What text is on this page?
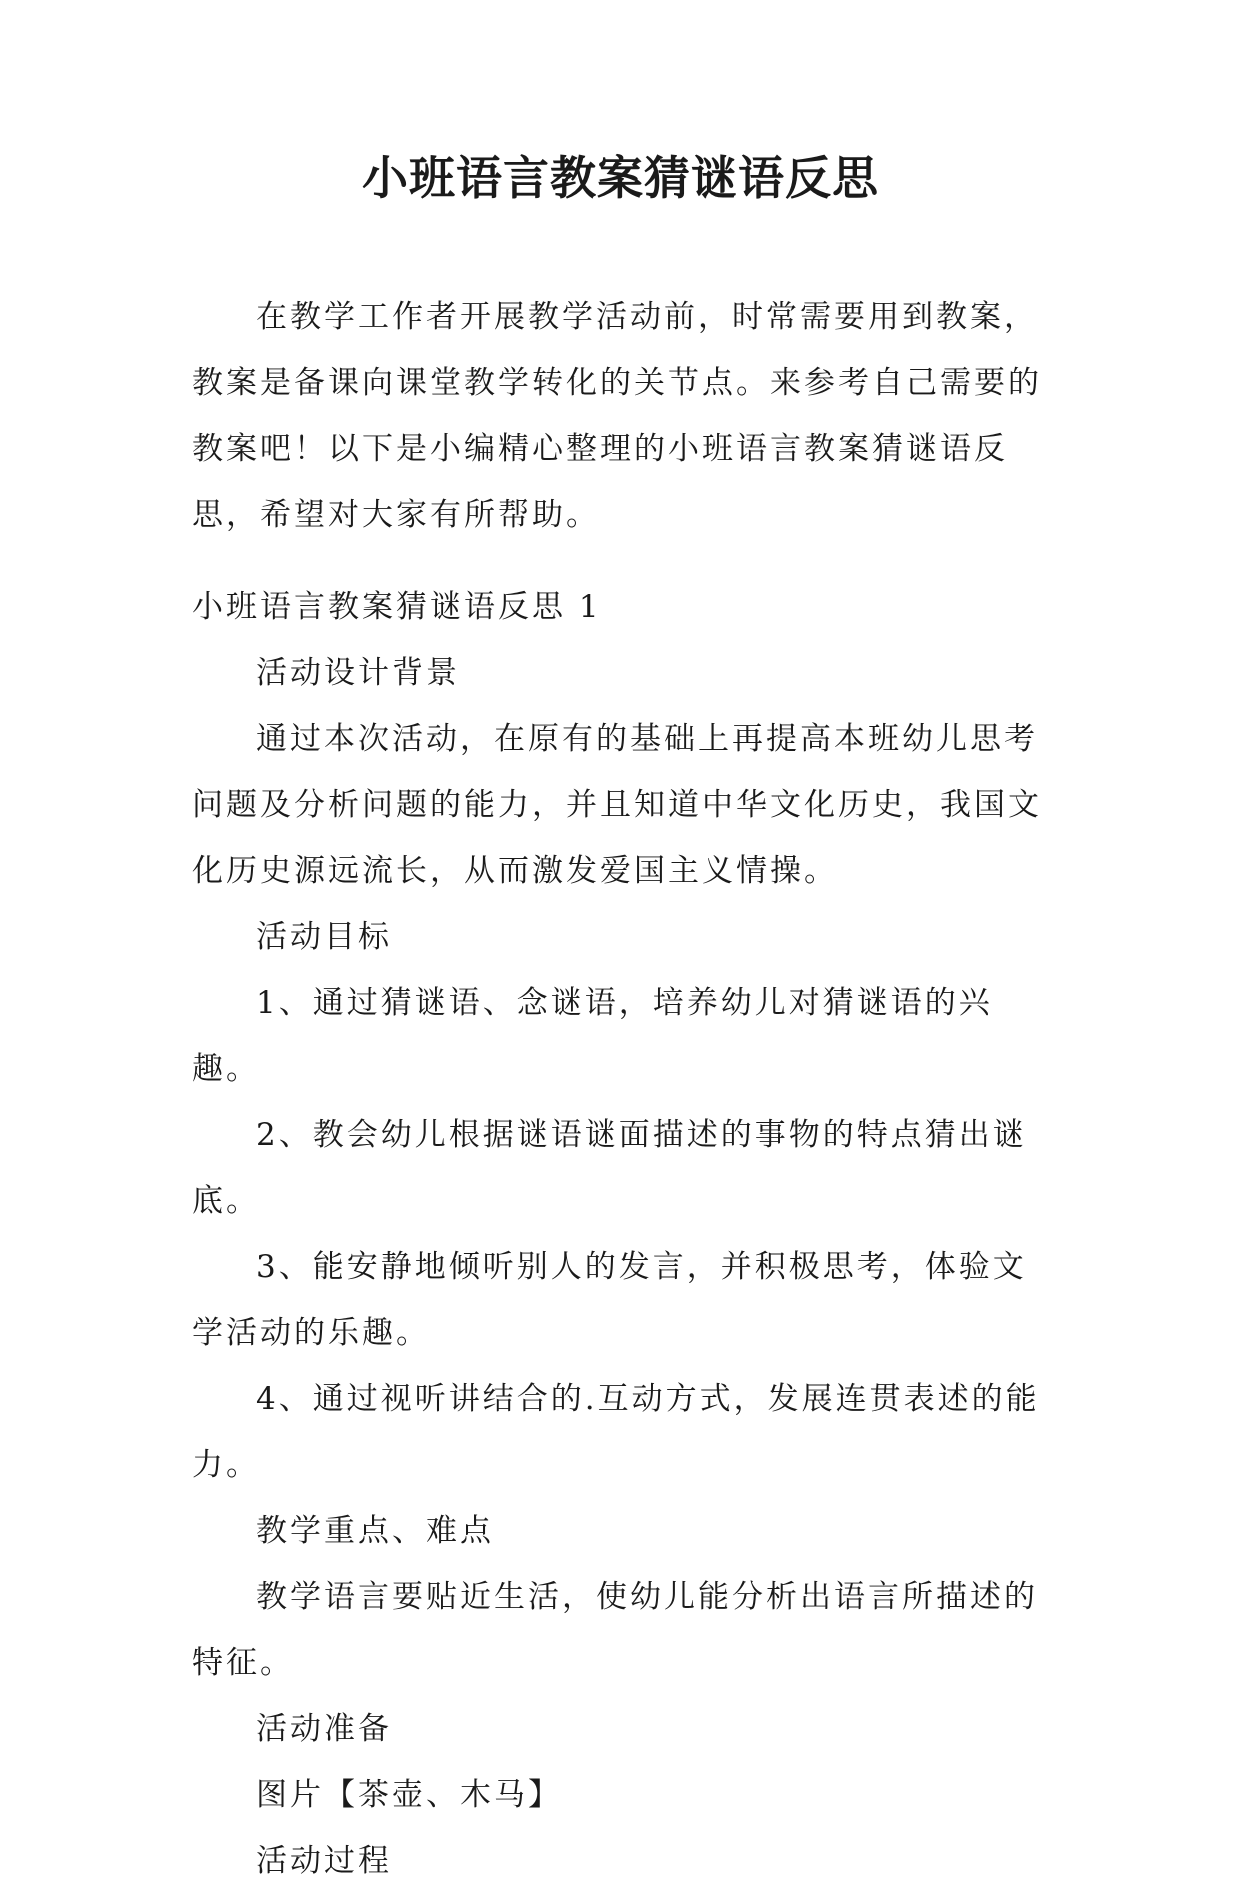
小班语言教案猜谜语反思

在教学工作者开展教学活动前，时常需要用到教案，教案是备课向课堂教学转化的关节点。来参考自己需要的教案吧！以下是小编精心整理的小班语言教案猜谜语反思，希望对大家有所帮助。

小班语言教案猜谜语反思 1

活动设计背景

通过本次活动，在原有的基础上再提高本班幼儿思考问题及分析问题的能力，并且知道中华文化历史，我国文化历史源远流长，从而激发爱国主义情操。

活动目标

1、通过猜谜语、念谜语，培养幼儿对猜谜语的兴趣。

2、教会幼儿根据谜语谜面描述的事物的特点猜出谜底。

3、能安静地倾听别人的发言，并积极思考，体验文学活动的乐趣。

4、通过视听讲结合的.互动方式，发展连贯表述的能力。

教学重点、难点

教学语言要贴近生活，使幼儿能分析出语言所描述的特征。

活动准备

图片【茶壶、木马】

活动过程
